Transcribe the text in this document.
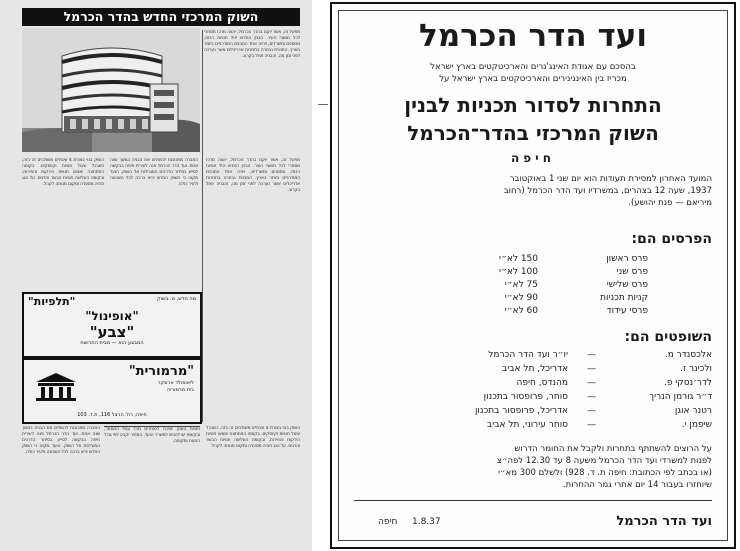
השוק המרכזי החדש בהדר הכרמל
מפעל זה, אשר יוקם בהדר הכרמל, יהווה מרכז מסחרי לכל תושבי העיר. הבנין החדש יכיל חנויות רבות, מחסנים ומשרדים, ויהיה אחד המבנים המודרניים ביותר בארץ. התכנית נבחרה בתחרות אדריכלים אשר נערכה לפני זמן מה, והבניה תחל בקרוב.
השוק בנוי בצורת 4 עיגולים משולבים זה בזה, כשבכל עיגול חנויות וקיוסקים. בקומה התחתונה ימצאו חנויות הירקות והפירות, ובקומה העליונה חנויות הבשר והדגים. על הגג תהיה מסעדה ומקום מנוחה לקהל.
החברה מתכוננת להשלים את הבניה במשך שנה אחת. ועד הדר הכרמל פנה לעירית חיפה בבקשה לסייע בסידור הדרכים המובילות אל השוק. הועד מקוה כי השוק החדש יביא ברכה לכל השכונה ולעיר כולה.
מפעל זה, אשר יוקם בהדר הכרמל, יהווה מרכז מסחרי לכל תושבי העיר. הבנין החדש יכיל חנויות רבות, מחסנים ומשרדים, ויהיה אחד המבנים המודרניים ביותר בארץ. התכנית נבחרה בתחרות אדריכלים אשר נערכה לפני זמן מה, והבניה תחל בקרוב.
מה חדש, מ. בשוק
"תלפיות"
"אופינול"
"צבע"
המבצע הוא — מבית החרושת
"מרמורית"
ליאופולד ארונקר
בית מרמוריה
חיפה, רח' הרצל 116, ת.ד. 103
החברה מתכוננת להשלים את הבניה במשך שנה אחת. ועד הדר הכרמל פנה לעירית חיפה בבקשה לסייע בסידור הדרכים המובילות אל השוק. הועד מקוה כי השוק החדש יביא ברכה לכל השכונה ולעיר כולה.
חנויות השוק יוחכרו לסוחרים מכל ענפי המסחר, ובקשות יש להגיש למשרד הועד. המחיר יקבע לפי גודל החנות ומקומה.
השוק בנוי בצורת 4 עיגולים משולבים זה בזה, כשבכל עיגול חנויות וקיוסקים. בקומה התחתונה ימצאו חנויות הירקות והפירות, ובקומה העליונה חנויות הבשר והדגים. על הגג תהיה מסעדה ומקום מנוחה לקהל.
ועד הדר הכרמל
בהסכם עם אגודת האינג'נרים והארכיטקטים בארץ ישראל
מכריז בין האינגינירים והארכיטקטים בארץ ישראל על
התחרות לסדור תכניות לבנין
השוק המרכזי בהדר־הכרמל
חיפה
המועד האחרון למסירת תעודות הוא יום שני 1 באוקטובר
1937, שעה 12 בצהרים, במשרדיו ועד הדר הכרמל (רחוב
מיריאם — פנת יהושע).
הפרסים הם:
פרס ראשון
150 לא״י
פרס שני
100 לא״י
פרס שלישי
75 לא״י
קניות תכניות
90 לא״י
פרסי עידוד
60 לא״י
השופטים הם:
אלכסנדר מ.
—
יו״ר ועד הדר הכרמל
ולכינר ז.
—
אדריכל, תל אביב
לדר׳נסקי פ.
—
מהנדס, חיפה
ד״ר גורמן הנריך
—
סוחר, פרופסור בתכנון
רטנר אוגן
—
אדריכל, פרופסור בתכנון
שיפמן י.
—
סוחר עירוני, תל אביב
על הרוצים להשתתף בתחרות ולקבל את החומר הדרוש
לפנות למשרדי ועד הדר הכרמל משעה 8 עד 12.30 לפה״צ
(או בכתב לפי הכתובת: חיפה ת. ד. 928) ולשלם 300 מא״י
שיוחזרו בעבור 14 יום אחרי גמר ההחרות.
ועד הדר הכרמל
חיפה 1.8.37
